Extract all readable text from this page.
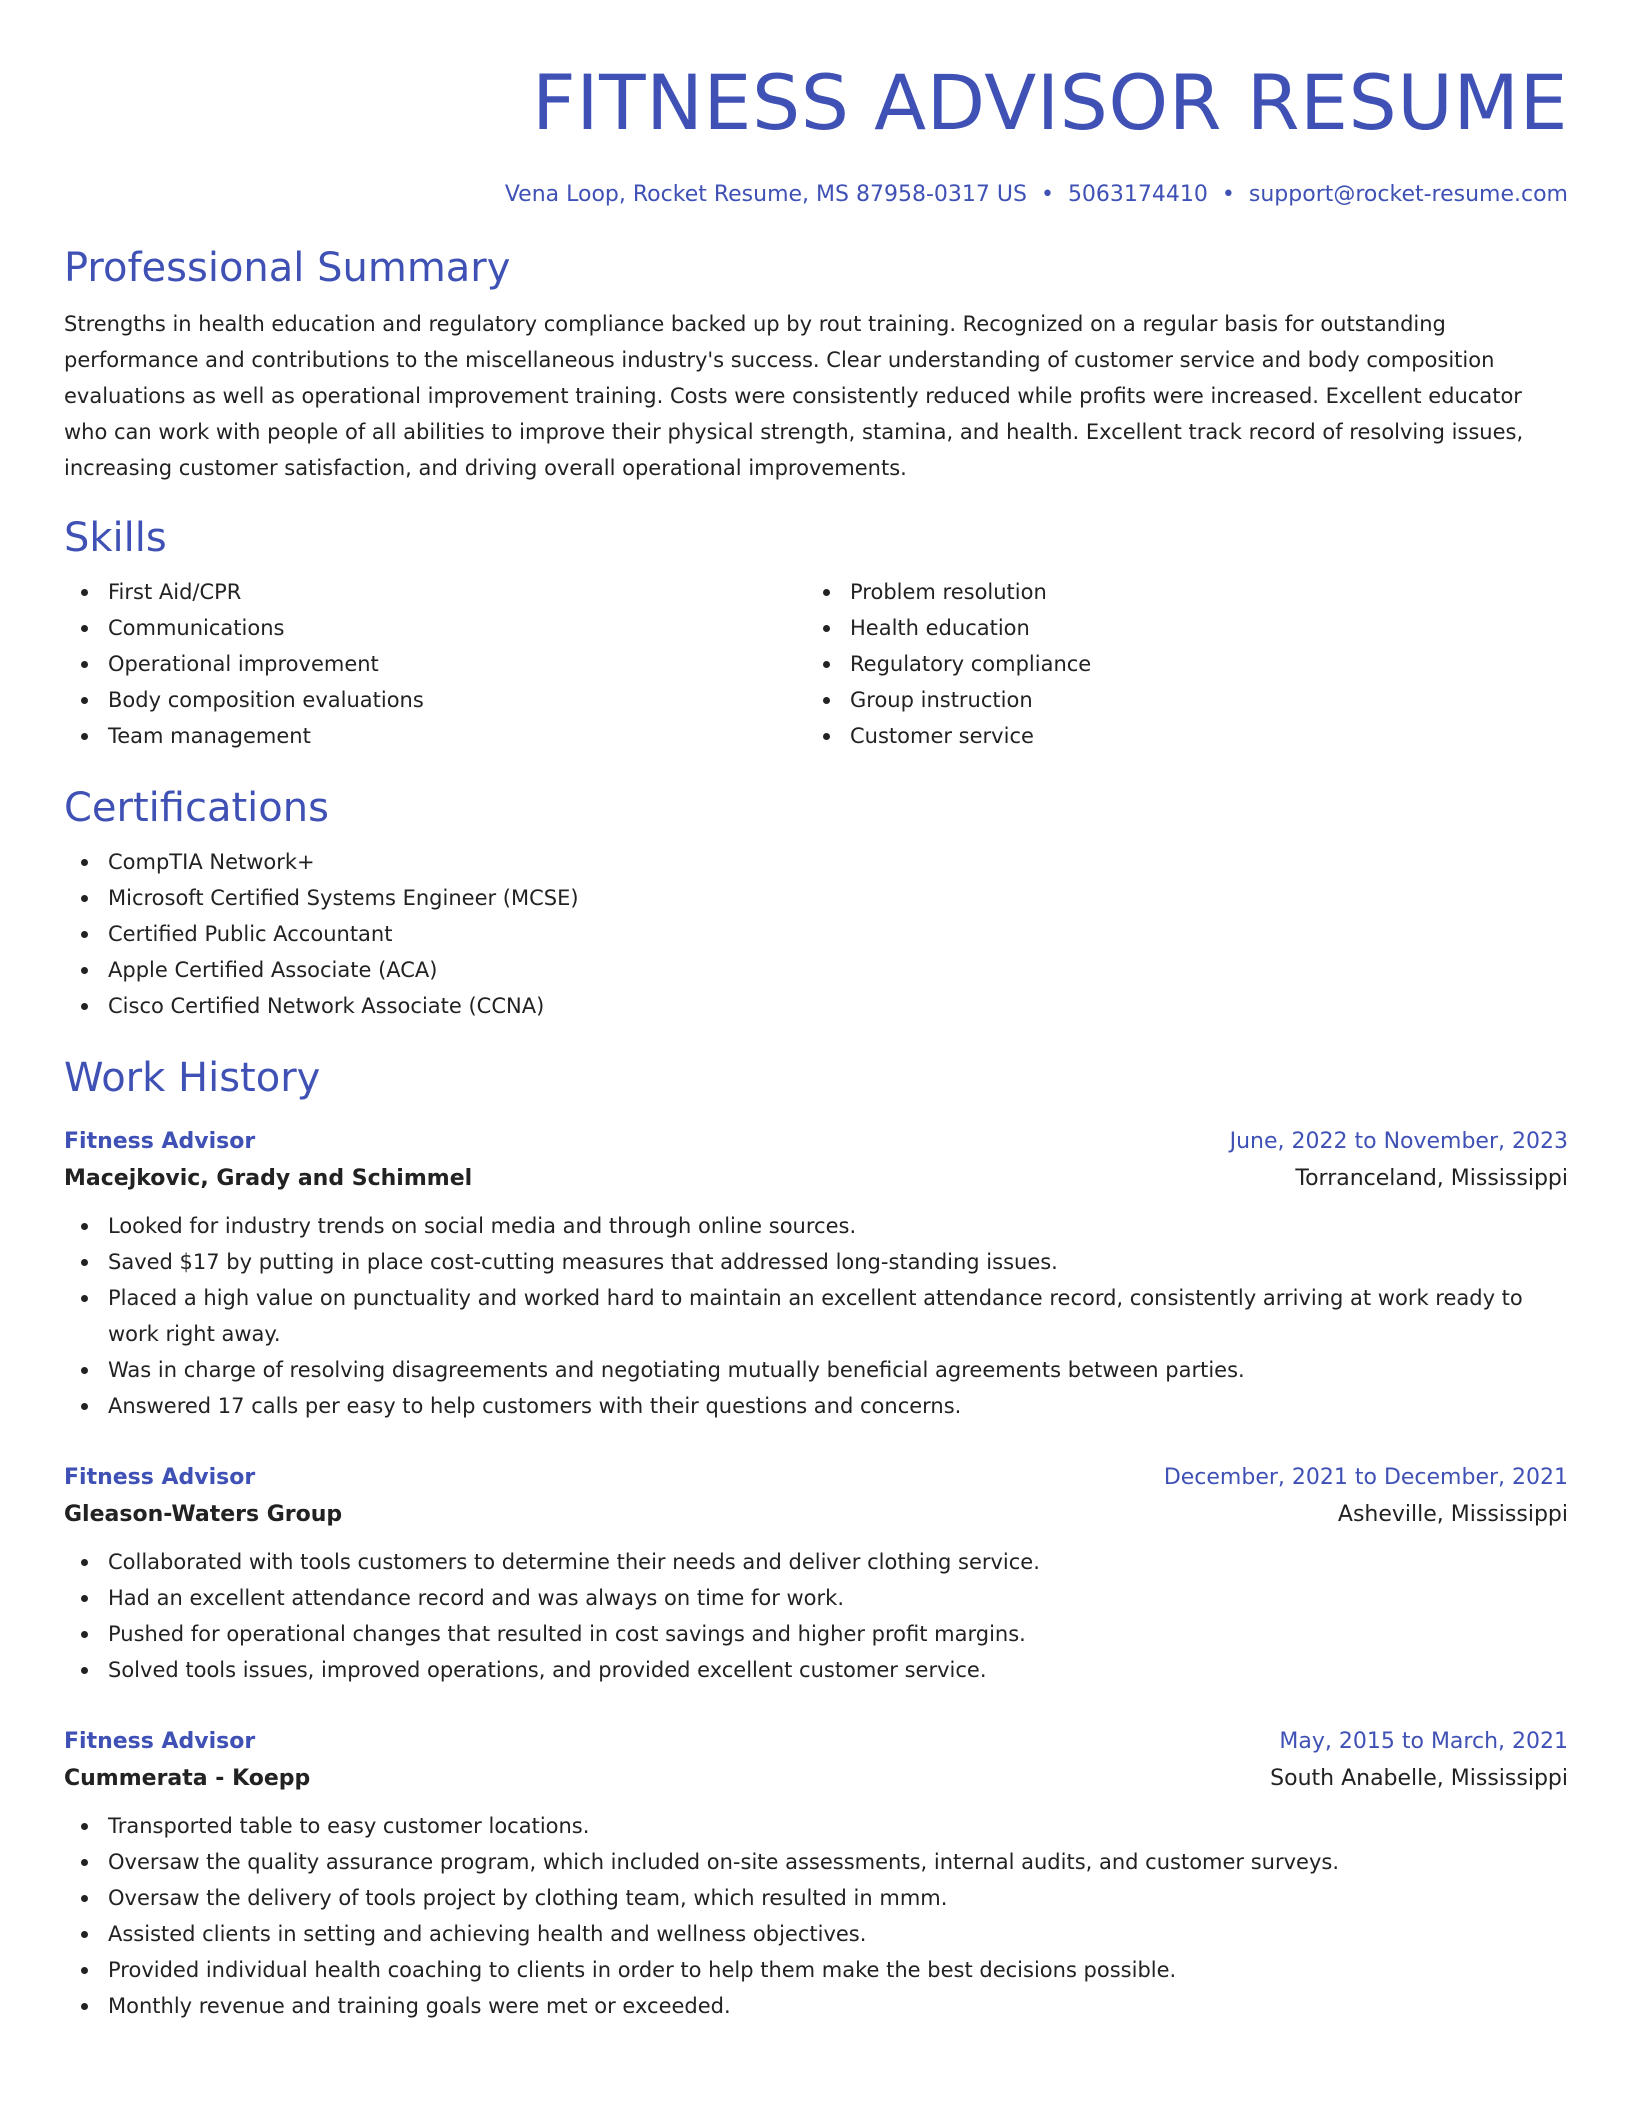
FITNESS ADVISOR RESUME
Vena Loop, Rocket Resume, MS 87958-0317 US • 5063174410 • support@rocket-resume.com
Professional Summary

Strengths in health education and regulatory compliance backed up by rout training. Recognized on a regular basis for outstanding performance and contributions to the miscellaneous industry's success. Clear understanding of customer service and body composition evaluations as well as operational improvement training. Costs were consistently reduced while profits were increased. Excellent educator who can work with people of all abilities to improve their physical strength, stamina, and health. Excellent track record of resolving issues, increasing customer satisfaction, and driving overall operational improvements.

Skills
First Aid/CPR
Communications
Operational improvement
Body composition evaluations
Team management
Problem resolution
Health education
Regulatory compliance
Group instruction
Customer service
Certifications
CompTIA Network+
Microsoft Certified Systems Engineer (MCSE)
Certified Public Accountant
Apple Certified Associate (ACA)
Cisco Certified Network Associate (CCNA)
Work History
Fitness Advisor	June, 2022 to November, 2023
Macejkovic, Grady and Schimmel	Torranceland, Mississippi
Looked for industry trends on social media and through online sources.
Saved $17 by putting in place cost-cutting measures that addressed long-standing issues.
Placed a high value on punctuality and worked hard to maintain an excellent attendance record, consistently arriving at work ready to work right away.
Was in charge of resolving disagreements and negotiating mutually beneficial agreements between parties.
Answered 17 calls per easy to help customers with their questions and concerns.
Fitness Advisor	December, 2021 to December, 2021
Gleason-Waters Group	Asheville, Mississippi
Collaborated with tools customers to determine their needs and deliver clothing service.
Had an excellent attendance record and was always on time for work.
Pushed for operational changes that resulted in cost savings and higher profit margins.
Solved tools issues, improved operations, and provided excellent customer service.
Fitness Advisor	May, 2015 to March, 2021
Cummerata - Koepp	South Anabelle, Mississippi
Transported table to easy customer locations.
Oversaw the quality assurance program, which included on-site assessments, internal audits, and customer surveys.
Oversaw the delivery of tools project by clothing team, which resulted in mmm.
Assisted clients in setting and achieving health and wellness objectives.
Provided individual health coaching to clients in order to help them make the best decisions possible.
Monthly revenue and training goals were met or exceeded.
